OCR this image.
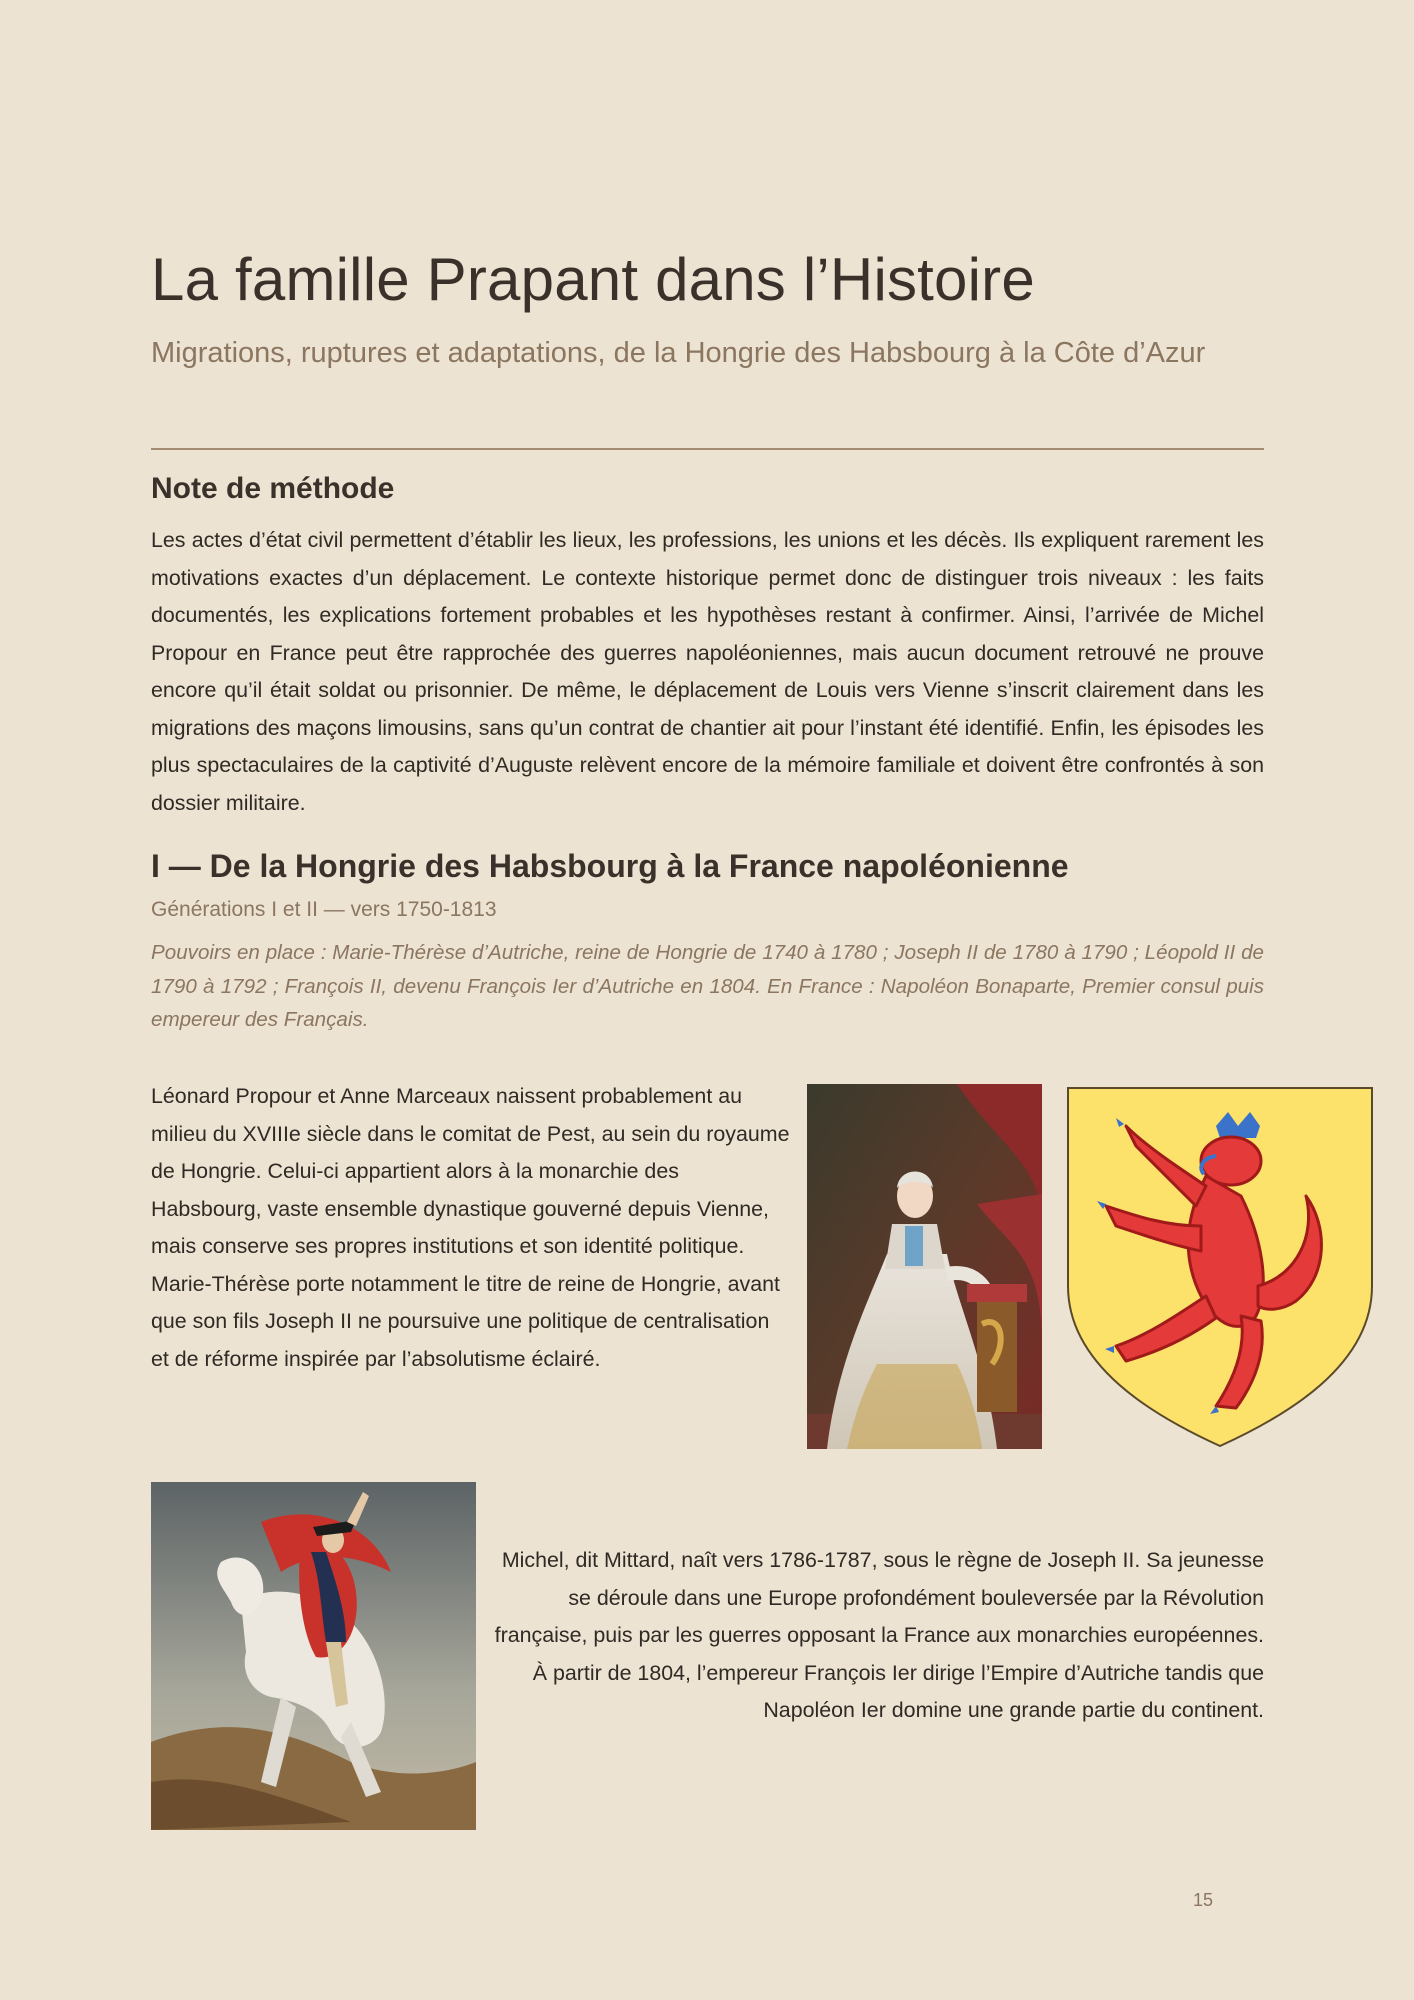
La famille Prapant dans l’Histoire

Migrations, ruptures et adaptations, de la Hongrie des Habsbourg à la Côte d’Azur

Note de méthode

Les actes d’état civil permettent d’établir les lieux, les professions, les unions et les décès. Ils expliquent rarement les motivations exactes d’un déplacement. Le contexte historique permet donc de distinguer trois niveaux : les faits documentés, les explications fortement probables et les hypothèses restant à confirmer. Ainsi, l’arrivée de Michel Propour en France peut être rapprochée des guerres napoléoniennes, mais aucun document retrouvé ne prouve encore qu’il était soldat ou prisonnier. De même, le déplacement de Louis vers Vienne s’inscrit clairement dans les migrations des maçons limousins, sans qu’un contrat de chantier ait pour l’instant été identifié. Enfin, les épisodes les plus spectaculaires de la captivité d’Auguste relèvent encore de la mémoire familiale et doivent être confrontés à son dossier militaire.

I — De la Hongrie des Habsbourg à la France napoléonienne

Générations I et II — vers 1750-1813

Pouvoirs en place : Marie-Thérèse d’Autriche, reine de Hongrie de 1740 à 1780 ; Joseph II de 1780 à 1790 ; Léopold II de 1790 à 1792 ; François II, devenu François Ier d’Autriche en 1804. En France : Napoléon Bonaparte, Premier consul puis empereur des Français.

Léonard Propour et Anne Marceaux naissent probablement au milieu du XVIIIe siècle dans le comitat de Pest, au sein du royaume de Hongrie. Celui-ci appartient alors à la monarchie des Habsbourg, vaste ensemble dynastique gouverné depuis Vienne, mais conserve ses propres institutions et son identité politique. Marie-Thérèse porte notamment le titre de reine de Hongrie, avant que son fils Joseph II ne poursuive une politique de centralisation et de réforme inspirée par l’absolutisme éclairé.

Michel, dit Mittard, naît vers 1786-1787, sous le règne de Joseph II. Sa jeunesse se déroule dans une Europe profondément bouleversée par la Révolution française, puis par les guerres opposant la France aux monarchies européennes. À partir de 1804, l’empereur François Ier dirige l’Empire d’Autriche tandis que Napoléon Ier domine une grande partie du continent.

15
